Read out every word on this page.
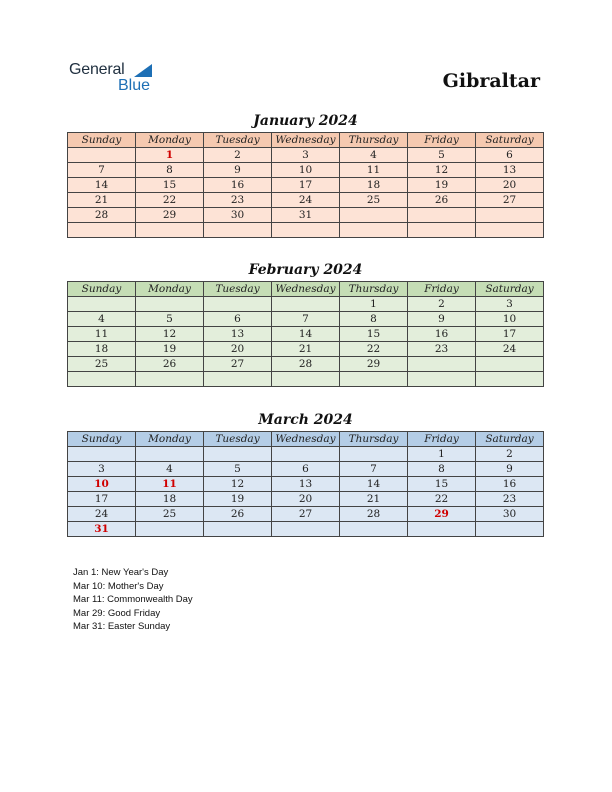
General
Blue	Gibraltar
January 2024
Sunday	Monday	Tuesday	Wednesday	Thursday	Friday	Saturday
	1	2	3	4	5	6
7	8	9	10	11	12	13
14	15	16	17	18	19	20
21	22	23	24	25	26	27
28	29	30	31			

February 2024
Sunday	Monday	Tuesday	Wednesday	Thursday	Friday	Saturday
				1	2	3
4	5	6	7	8	9	10
11	12	13	14	15	16	17
18	19	20	21	22	23	24
25	26	27	28	29		

March 2024
Sunday	Monday	Tuesday	Wednesday	Thursday	Friday	Saturday
					1	2
3	4	5	6	7	8	9
10	11	12	13	14	15	16
17	18	19	20	21	22	23
24	25	26	27	28	29	30
31						
Jan 1: New Year's Day
Mar 10: Mother's Day
Mar 11: Commonwealth Day
Mar 29: Good Friday
Mar 31: Easter Sunday
